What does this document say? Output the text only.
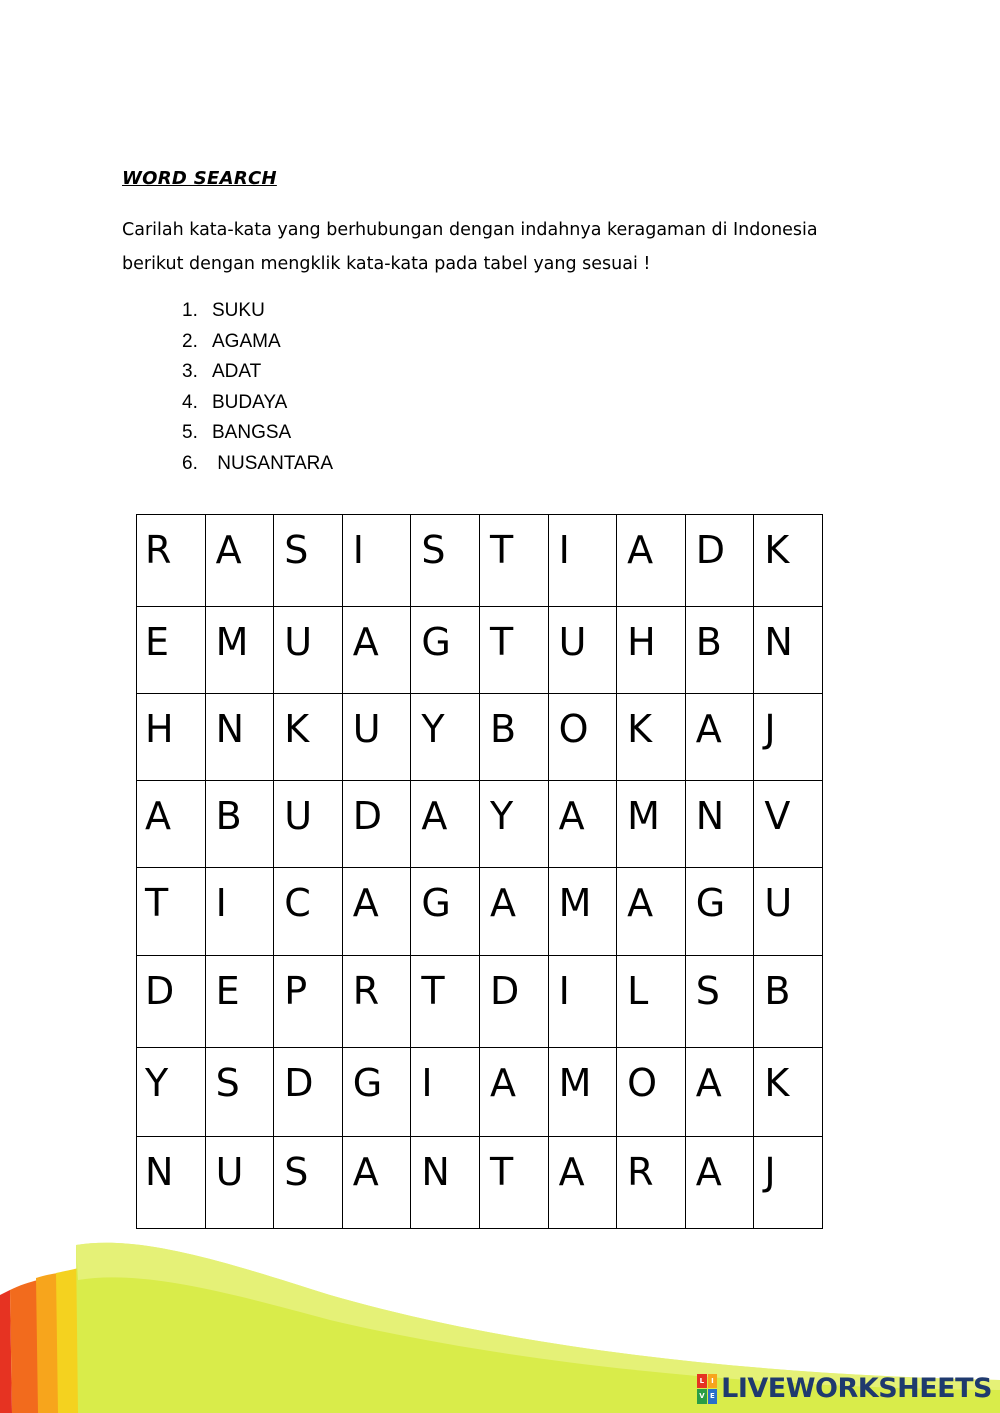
WORD SEARCH
Carilah kata-kata yang berhubungan dengan indahnya keragaman di Indonesia
berikut dengan mengklik kata-kata pada tabel yang sesuai !
1. SUKU
2. AGAMA
3. ADAT
4. BUDAYA
5. BANGSA
6. NUSANTARA
R	A	S	I	S	T	I	A	D	K

E	M	U	A	G	T	U	H	B	N

H	N	K	U	Y	B	O	K	A	J

A	B	U	D	A	Y	A	M	N	V

T	I	C	A	G	A	M	A	G	U

D	E	P	R	T	D	I	L	S	B

Y	S	D	G	I	A	M	O	A	K

N	U	S	A	N	T	A	R	A	J
L I
V E LIVEWORKSHEETS
